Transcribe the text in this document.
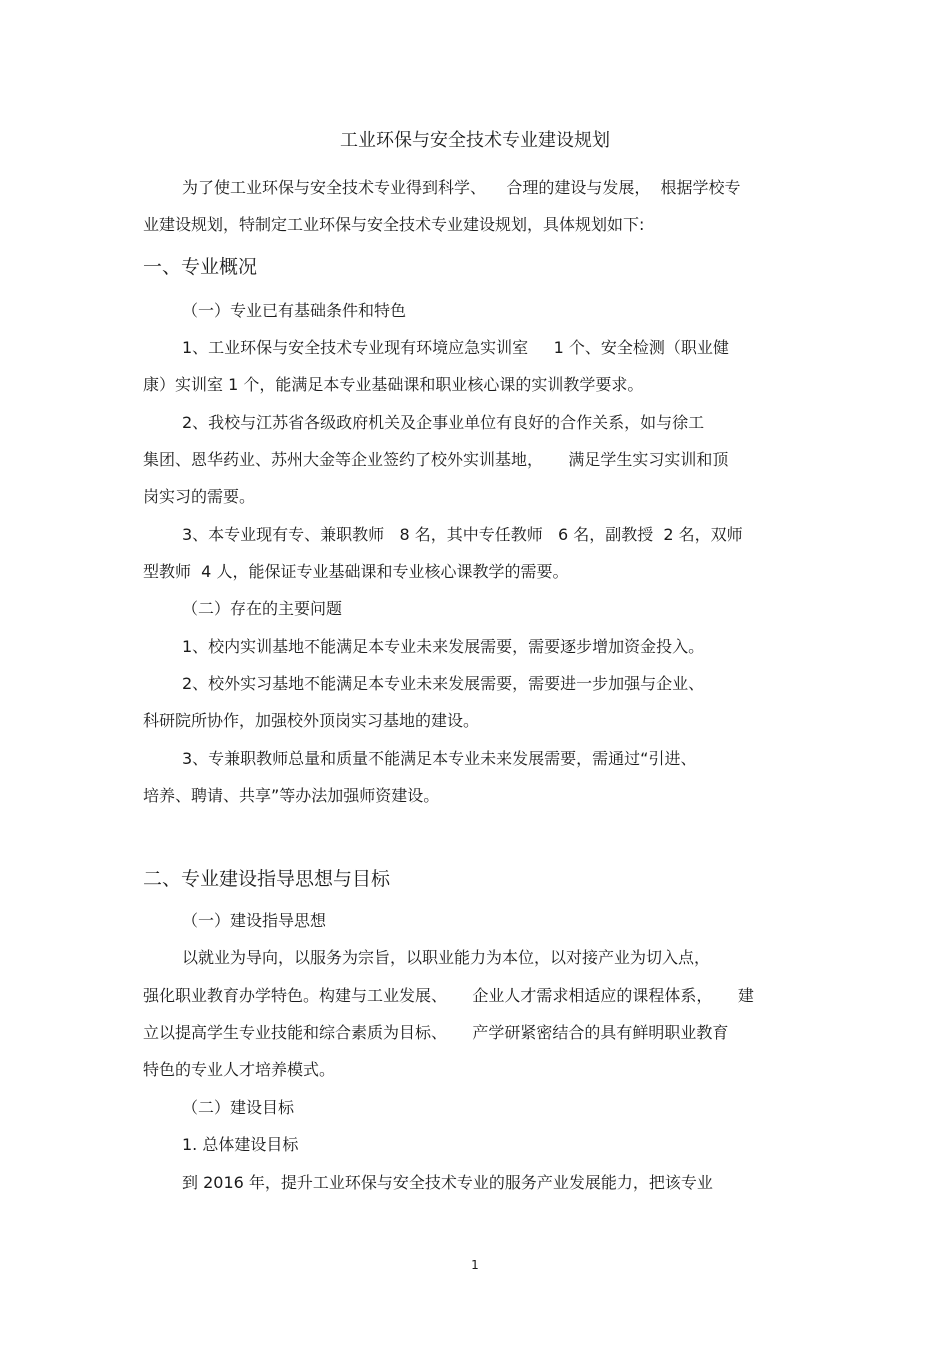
工业环保与安全技术专业建设规划
为了使工业环保与安全技术专业得到科学、    合理的建设与发展，  根据学校专
业建设规划，特制定工业环保与安全技术专业建设规划，具体规划如下:
一、专业概况
（一）专业已有基础条件和特色
1、工业环保与安全技术专业现有环境应急实训室     1 个、安全检测（职业健
康）实训室 1 个，能满足本专业基础课和职业核心课的实训教学要求。
2、我校与江苏省各级政府机关及企事业单位有良好的合作关系，如与徐工
集团、恩华药业、苏州大金等企业签约了校外实训基地，     满足学生实习实训和顶
岗实习的需要。
3、本专业现有专、兼职教师   8 名，其中专任教师   6 名，副教授  2 名，双师
型教师  4 人，能保证专业基础课和专业核心课教学的需要。
（二）存在的主要问题
1、校内实训基地不能满足本专业未来发展需要，需要逐步增加资金投入。
2、校外实习基地不能满足本专业未来发展需要，需要进一步加强与企业、
科研院所协作，加强校外顶岗实习基地的建设。
3、专兼职教师总量和质量不能满足本专业未来发展需要，需通过“引进、
培养、聘请、共享”等办法加强师资建设。
二、专业建设指导思想与目标
（一）建设指导思想
以就业为导向，以服务为宗旨，以职业能力为本位，以对接产业为切入点，
强化职业教育办学特色。构建与工业发展、     企业人才需求相适应的课程体系，     建
立以提高学生专业技能和综合素质为目标、     产学研紧密结合的具有鲜明职业教育
特色的专业人才培养模式。
（二）建设目标
1. 总体建设目标
到 2016 年，提升工业环保与安全技术专业的服务产业发展能力，把该专业
1
